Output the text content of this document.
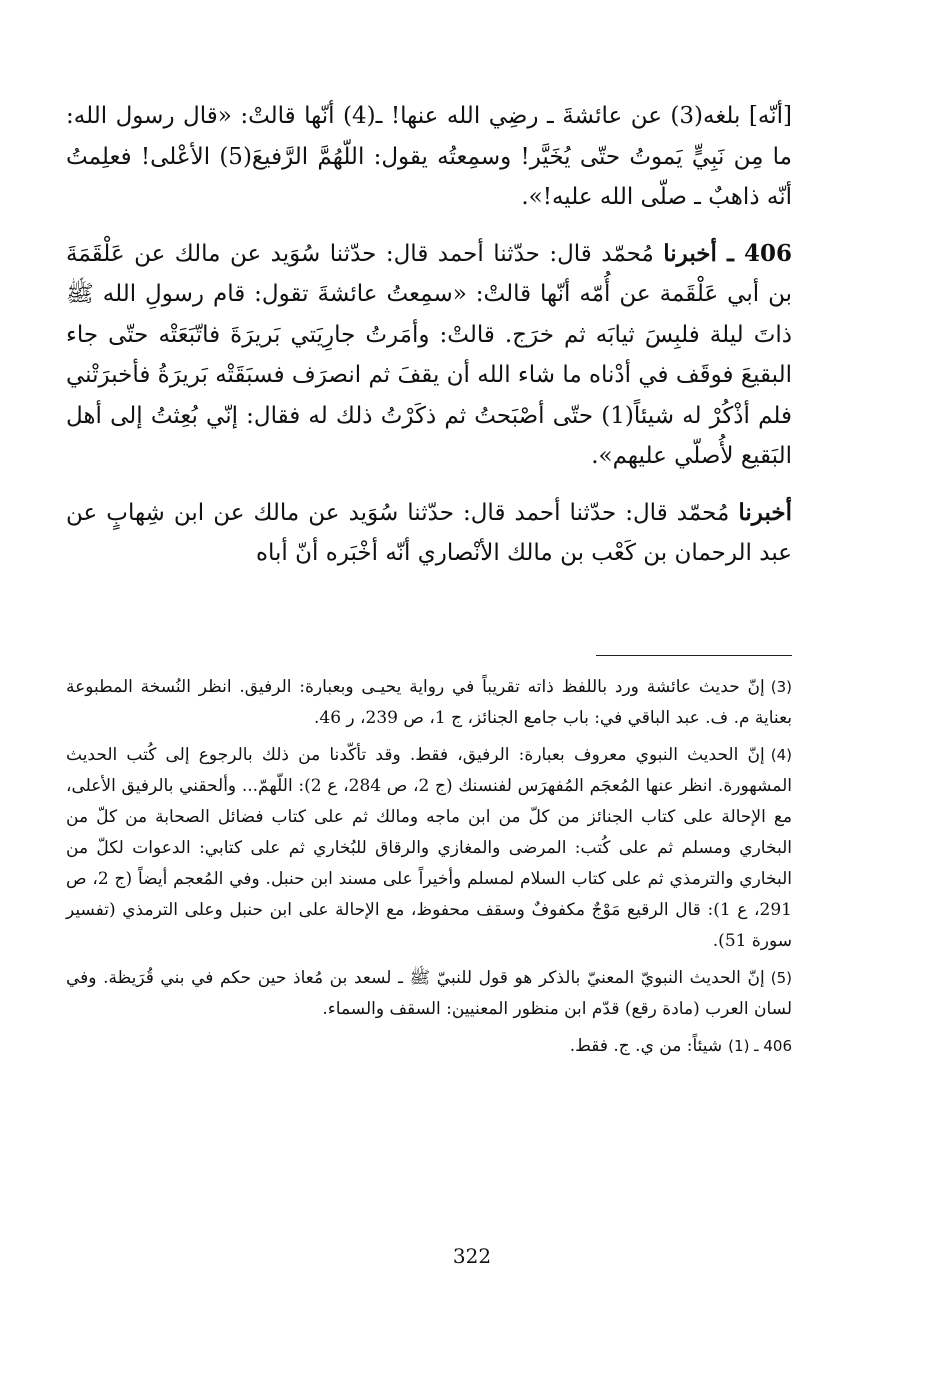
[أنّه] بلغه(3) عن عائشةَ ـ رضِي الله عنها! ـ(4) أنّها قالتْ: «قال رسول الله: ما مِن نَبِيٍّ يَموتُ حتّى يُخَيَّر! وسمِعتُه يقول: اللّهُمَّ الرَّفيعَ(5) الأعْلى! فعلِمتُ أنّه ذاهبٌ ـ صلّى الله عليه!».

406 ـ أخبرنا مُحمّد قال: حدّثنا أحمد قال: حدّثنا سُوَيد عن مالك عن عَلْقَمَةَ بن أبي عَلْقَمة عن أُمّه أنّها قالتْ: «سمِعتُ عائشةَ تقول: قام رسولِ الله ﷺ ذاتَ ليلة فلبِسَ ثيابَه ثم خرَج. قالتْ: وأمَرتُ جارِيَتي بَريرَةَ فاتّبَعَتْه حتّى جاء البقيعَ فوقَف في أدْناه ما شاء الله أن يقفَ ثم انصرَف فسبَقَتْه بَريرَةُ فأخبرَتْني فلم أذْكُرْ له شيئاً(1) حتّى أصْبَحتُ ثم ذكَرْتُ ذلك له فقال: إنّي بُعِثتُ إلى أهل البَقيع لأُصلّي عليهم».

أخبرنا مُحمّد قال: حدّثنا أحمد قال: حدّثنا سُوَيد عن مالك عن ابن شِهابٍ عن عبد الرحمان بن كَعْب بن مالك الأنْصاري أنّه أخْبَره أنّ أباه

(3)إنّ حديث عائشة ورد باللفظ ذاته تقريباً في رواية يحيـى وبعبارة: الرفيق. انظر النُسخة المطبوعة بعناية م. ف. عبد الباقي في: باب جامع الجنائز، ج 1، ص 239، ر 46.

(4)إنّ الحديث النبوي معروف بعبارة: الرفيق، فقط. وقد تأكّدنا من ذلك بالرجوع إلى كُتب الحديث المشهورة. انظر عنها المُعجَم المُفهرَس لفنسنك (ج 2، ص 284، ع 2): اللّهمّ... وألحقني بالرفيق الأعلى، مع الإحالة على كتاب الجنائز من كلّ من ابن ماجه ومالك ثم على كتاب فضائل الصحابة من كلّ من البخاري ومسلم ثم على كُتب: المرضى والمغازي والرقاق للبُخاري ثم على كتابي: الدعوات لكلّ من البخاري والترمذي ثم على كتاب السلام لمسلم وأخيراً على مسند ابن حنبل. وفي المُعجم أيضاً (ج 2، ص 291، ع 1): قال الرقيع مَوْجٌ مكفوفٌ وسقف محفوظ، مع الإحالة على ابن حنبل وعلى الترمذي (تفسير سورة 51).

(5)إنّ الحديث النبويّ المعنيّ بالذكر هو قول للنبيّ ﷺ ـ لسعد بن مُعاذ حين حكم في بني قُرَيظة. وفي لسان العرب (مادة رقع) قدّم ابن منظور المعنيين: السقف والسماء.

406 ـ (1)شيئاً: من ي. ج. فقط.

322
